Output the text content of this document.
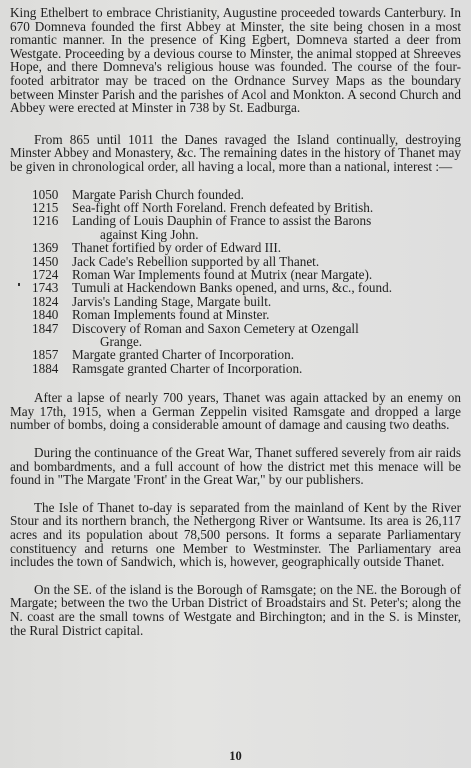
King Ethelbert to embrace Christianity, Augustine proceeded towards Canterbury. In 670 Domneva founded the first Abbey at Minster, the site being chosen in a most romantic manner. In the presence of King Egbert, Domneva started a deer from Westgate. Proceeding by a devious course to Minster, the animal stopped at Shreeves Hope, and there Domneva's religious house was founded. The course of the four-footed arbitrator may be traced on the Ordnance Survey Maps as the boundary between Minster Parish and the parishes of Acol and Monkton. A second Church and Abbey were erected at Minster in 738 by St. Eadburga.

From 865 until 1011 the Danes ravaged the Island continually, destroying Minster Abbey and Monastery, &c. The remaining dates in the history of Thanet may be given in chronological order, all having a local, more than a national, interest :—

1050	Margate Parish Church founded.
1215	Sea-fight off North Foreland. French defeated by British.
1216	Landing of Louis Dauphin of France to assist the Barons
against King John.
1369	Thanet fortified by order of Edward III.
1450	Jack Cade's Rebellion supported by all Thanet.
1724	Roman War Implements found at Mutrix (near Margate).
1743	Tumuli at Hackendown Banks opened, and urns, &c., found.
1824	Jarvis's Landing Stage, Margate built.
1840	Roman Implements found at Minster.
1847	Discovery of Roman and Saxon Cemetery at Ozengall
Grange.
1857	Margate granted Charter of Incorporation.
1884	Ramsgate granted Charter of Incorporation.

After a lapse of nearly 700 years, Thanet was again attacked by an enemy on May 17th, 1915, when a German Zeppelin visited Ramsgate and dropped a large number of bombs, doing a considerable amount of damage and causing two deaths.

During the continuance of the Great War, Thanet suffered severely from air raids and bombardments, and a full account of how the district met this menace will be found in "The Margate 'Front' in the Great War," by our publishers.

The Isle of Thanet to-day is separated from the mainland of Kent by the River Stour and its northern branch, the Nethergong River or Wantsume. Its area is 26,117 acres and its population about 78,500 persons. It forms a separate Parliamentary constituency and returns one Member to Westminster. The Parliamentary area includes the town of Sandwich, which is, however, geographically outside Thanet.

On the SE. of the island is the Borough of Ramsgate; on the NE. the Borough of Margate; between the two the Urban District of Broadstairs and St. Peter's; along the N. coast are the small towns of Westgate and Birchington; and in the S. is Minster, the Rural District capital.

10
